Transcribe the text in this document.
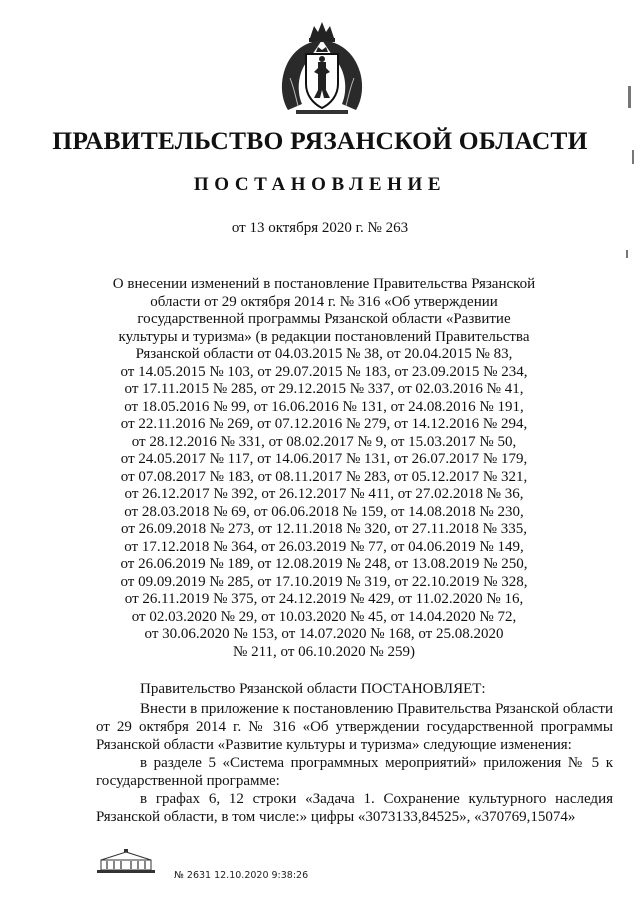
ПРАВИТЕЛЬСТВО РЯЗАНСКОЙ ОБЛАСТИ
ПОСТАНОВЛЕНИЕ
от 13 октября 2020 г. № 263
О внесении изменений в постановление Правительства Рязанской
области от 29 октября 2014 г. № 316 «Об утверждении
государственной программы Рязанской области «Развитие
культуры и туризма» (в редакции постановлений Правительства
Рязанской области от 04.03.2015 № 38, от 20.04.2015 № 83,
от 14.05.2015 № 103, от 29.07.2015 № 183, от 23.09.2015 № 234,
от 17.11.2015 № 285, от 29.12.2015 № 337, от 02.03.2016 № 41,
от 18.05.2016 № 99, от 16.06.2016 № 131, от 24.08.2016 № 191,
от 22.11.2016 № 269, от 07.12.2016 № 279, от 14.12.2016 № 294,
от 28.12.2016 № 331, от 08.02.2017 № 9, от 15.03.2017 № 50,
от 24.05.2017 № 117, от 14.06.2017 № 131, от 26.07.2017 № 179,
от 07.08.2017 № 183, от 08.11.2017 № 283, от 05.12.2017 № 321,
от 26.12.2017 № 392, от 26.12.2017 № 411, от 27.02.2018 № 36,
от 28.03.2018 № 69, от 06.06.2018 № 159, от 14.08.2018 № 230,
от 26.09.2018 № 273, от 12.11.2018 № 320, от 27.11.2018 № 335,
от 17.12.2018 № 364, от 26.03.2019 № 77, от 04.06.2019 № 149,
от 26.06.2019 № 189, от 12.08.2019 № 248, от 13.08.2019 № 250,
от 09.09.2019 № 285, от 17.10.2019 № 319, от 22.10.2019 № 328,
от 26.11.2019 № 375, от 24.12.2019 № 429, от 11.02.2020 № 16,
от 02.03.2020 № 29, от 10.03.2020 № 45, от 14.04.2020 № 72,
от 30.06.2020 № 153, от 14.07.2020 № 168, от 25.08.2020
№ 211, от 06.10.2020 № 259)

Правительство Рязанской области ПОСТАНОВЛЯЕТ:

Внести в приложение к постановлению Правительства Рязанской области от 29 октября 2014 г. № 316 «Об утверждении государственной программы Рязанской области «Развитие культуры и туризма» следующие изменения:

в разделе 5 «Система программных мероприятий» приложения № 5 к государственной программе:

в графах 6, 12 строки «Задача 1. Сохранение культурного наследия Рязанской области, в том числе:» цифры «3073133,84525», «370769,15074»

№ 2631 12.10.2020 9:38:26
